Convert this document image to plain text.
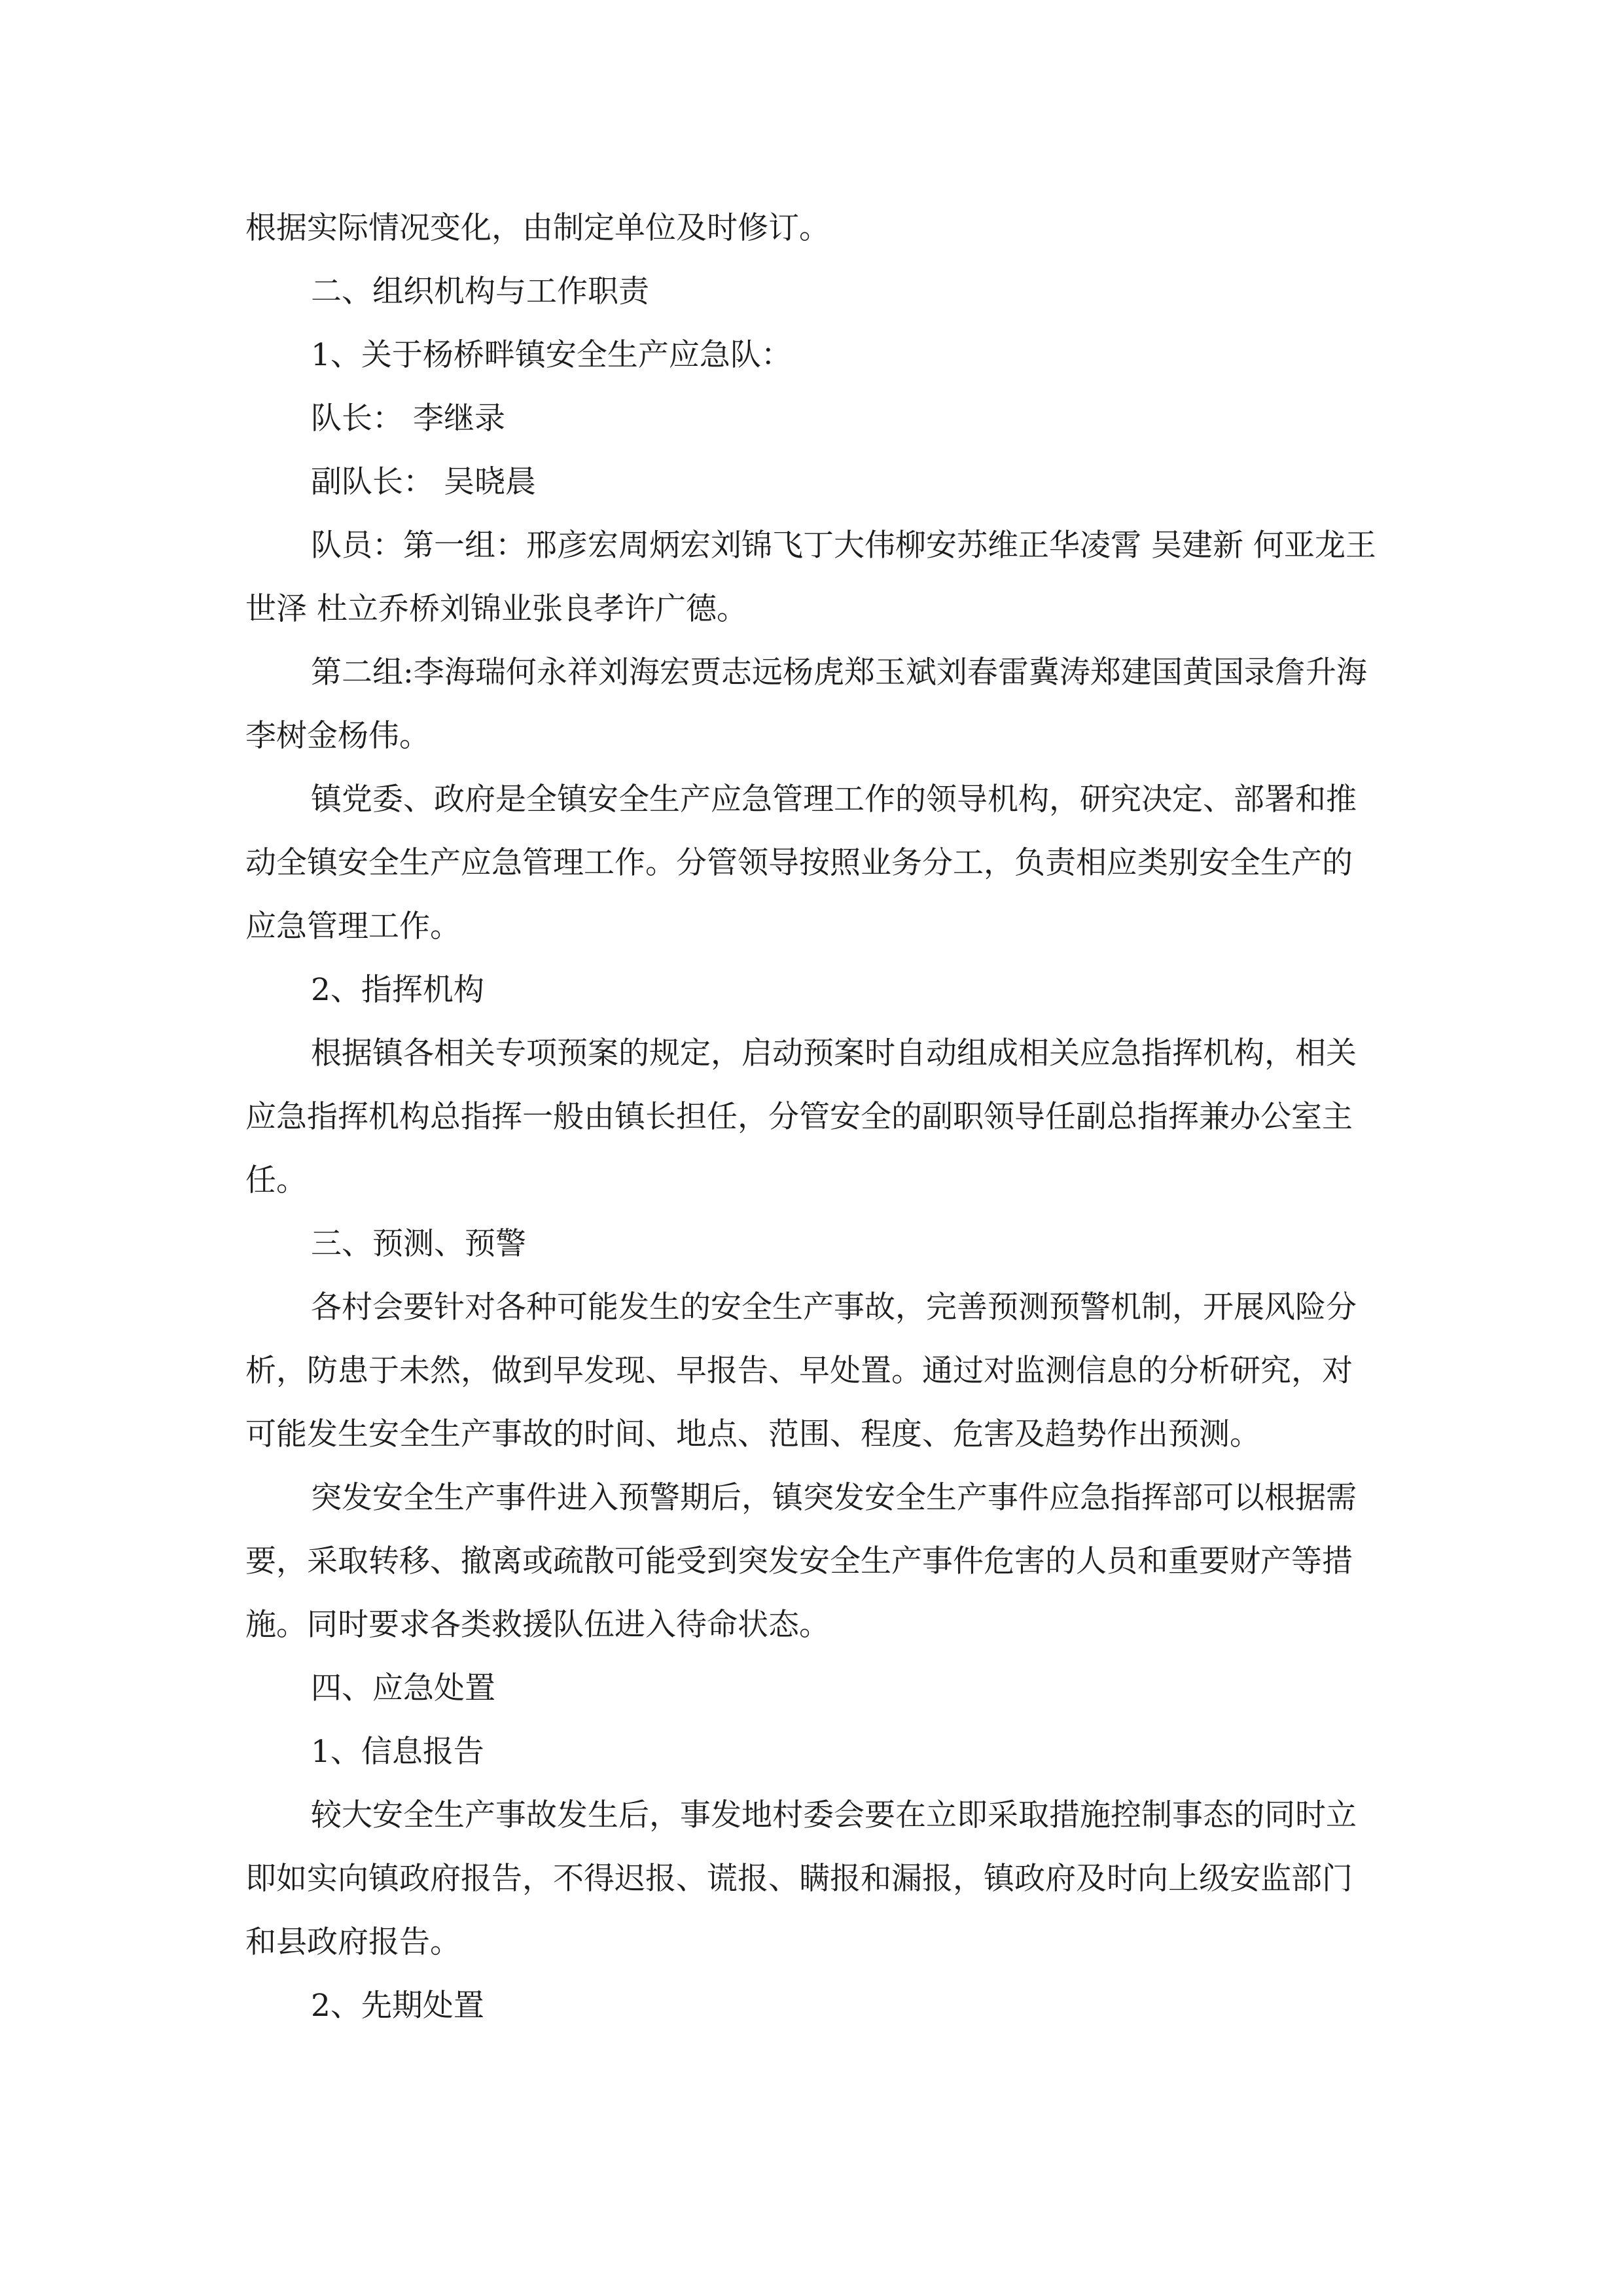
根据实际情况变化，由制定单位及时修订。

二、组织机构与工作职责

1、关于杨桥畔镇安全生产应急队：

队长： 李继录

副队长： 吴晓晨

队员：第一组：邢彦宏周炳宏刘锦飞丁大伟柳安苏维正华凌霄 吴建新 何亚龙王世泽 杜立乔桥刘锦业张良孝许广德。

第二组:李海瑞何永祥刘海宏贾志远杨虎郑玉斌刘春雷冀涛郑建国黄国录詹升海李树金杨伟。

镇党委、政府是全镇安全生产应急管理工作的领导机构，研究决定、部署和推动全镇安全生产应急管理工作。分管领导按照业务分工，负责相应类别安全生产的应急管理工作。

2、指挥机构

根据镇各相关专项预案的规定，启动预案时自动组成相关应急指挥机构，相关应急指挥机构总指挥一般由镇长担任，分管安全的副职领导任副总指挥兼办公室主任。

三、预测、预警

各村会要针对各种可能发生的安全生产事故，完善预测预警机制，开展风险分析，防患于未然，做到早发现、早报告、早处置。通过对监测信息的分析研究，对可能发生安全生产事故的时间、地点、范围、程度、危害及趋势作出预测。

突发安全生产事件进入预警期后，镇突发安全生产事件应急指挥部可以根据需要，采取转移、撤离或疏散可能受到突发安全生产事件危害的人员和重要财产等措施。同时要求各类救援队伍进入待命状态。

四、应急处置

1、信息报告

较大安全生产事故发生后，事发地村委会要在立即采取措施控制事态的同时立即如实向镇政府报告，不得迟报、谎报、瞒报和漏报，镇政府及时向上级安监部门和县政府报告。

2、先期处置
